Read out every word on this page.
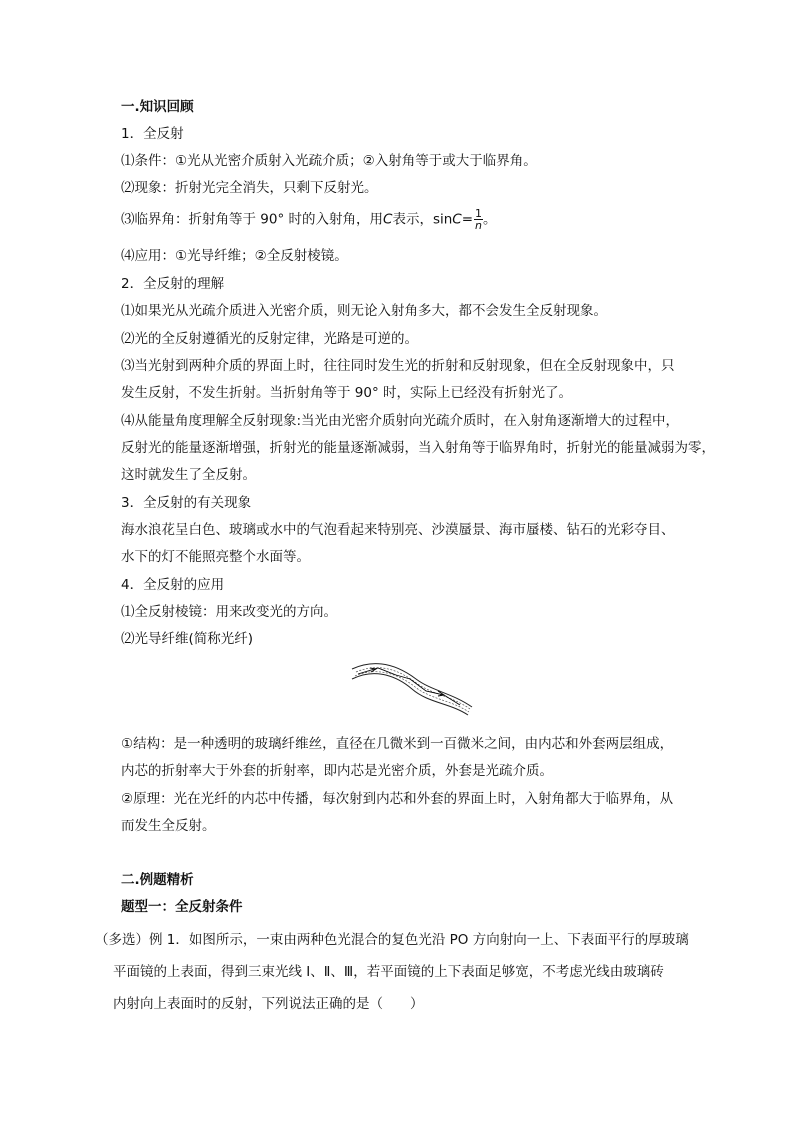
一.知识回顾
1．全反射
⑴条件：①光从光密介质射入光疏介质；②入射角等于或大于临界角。
⑵现象：折射光完全消失，只剩下反射光。
⑶临界角：折射角等于 90° 时的入射角，用C表示，$\sin C= \frac{1}{n}$ 。
⑷应用：①光导纤维；②全反射棱镜。
2．全反射的理解
⑴如果光从光疏介质进入光密介质，则无论入射角多大，都不会发生全反射现象。
⑵光的全反射遵循光的反射定律，光路是可逆的。
⑶当光射到两种介质的界面上时，往往同时发生光的折射和反射现象，但在全反射现象中，只
发生反射，不发生折射。当折射角等于 90° 时，实际上已经没有折射光了。
⑷从能量角度理解全反射现象:当光由光密介质射向光疏介质时，在入射角逐渐增大的过程中，
反射光的能量逐渐增强，折射光的能量逐渐减弱，当入射角等于临界角时，折射光的能量减弱为零，
这时就发生了全反射。
3．全反射的有关现象
海水浪花呈白色、玻璃或水中的气泡看起来特别亮、沙漠蜃景、海市蜃楼、钻石的光彩夺目、
水下的灯不能照亮整个水面等。
4．全反射的应用
⑴全反射棱镜：用来改变光的方向。
⑵光导纤维(简称光纤)
①结构：是一种透明的玻璃纤维丝，直径在几微米到一百微米之间，由内芯和外套两层组成，
内芯的折射率大于外套的折射率，即内芯是光密介质，外套是光疏介质。
②原理：光在光纤的内芯中传播，每次射到内芯和外套的界面上时，入射角都大于临界角，从
而发生全反射。
二.例题精析
题型一：全反射条件
（多选）例 1．如图所示，一束由两种色光混合的复色光沿 PO 方向射向一上、下表面平行的厚玻璃
平面镜的上表面，得到三束光线 Ⅰ、Ⅱ、Ⅲ，若平面镜的上下表面足够宽，不考虑光线由玻璃砖
内射向上表面时的反射，下列说法正确的是（　　）
